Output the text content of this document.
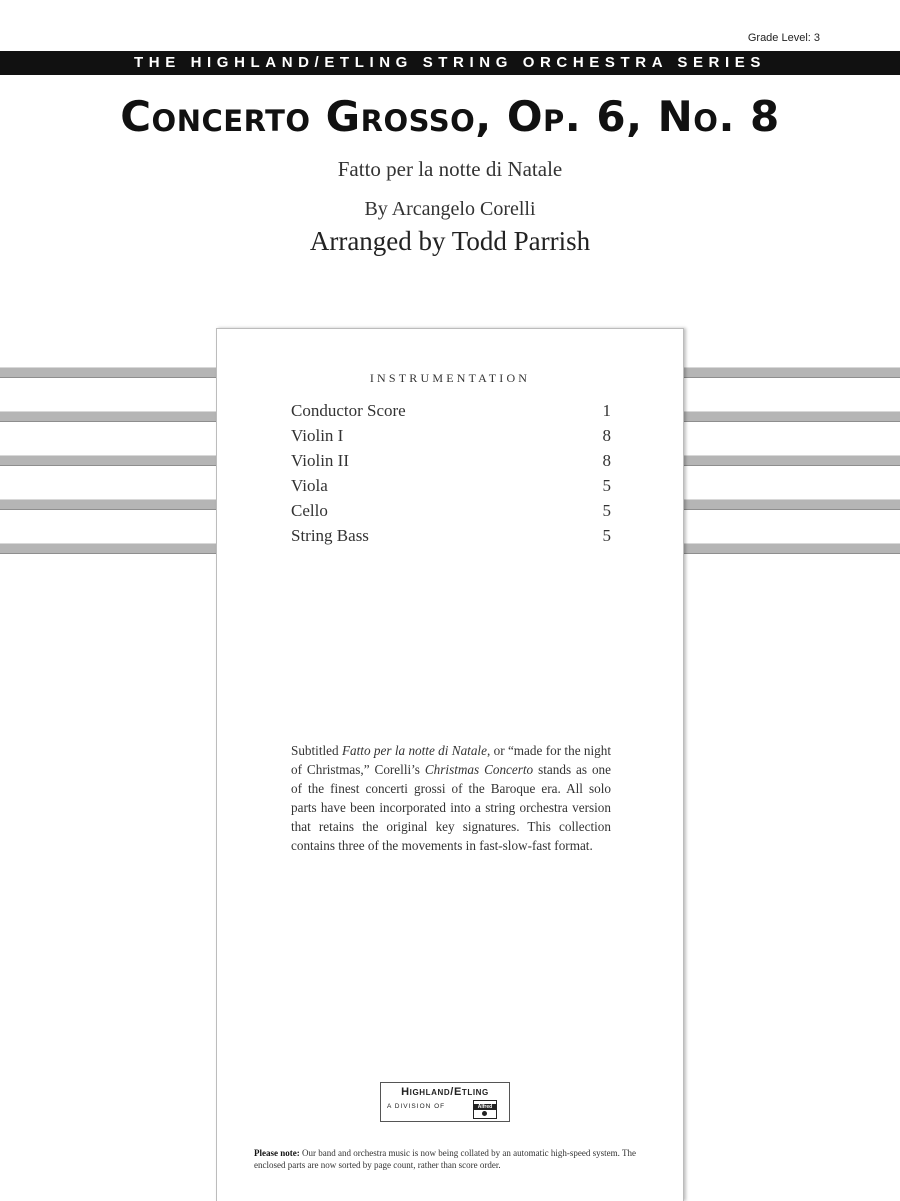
Grade Level: 3
THE HIGHLAND/ETLING STRING ORCHESTRA SERIES
Concerto Grosso, Op. 6, No. 8
Fatto per la notte di Natale
By Arcangelo Corelli
Arranged by Todd Parrish
INSTRUMENTATION
Conductor Score	1
Violin I	8
Violin II	8
Viola	5
Cello	5
String Bass	5

Subtitled Fatto per la notte di Natale, or “made for the night of Christmas,” Corelli’s Christmas Concerto stands as one of the finest concerti grossi of the Baroque era. All solo parts have been incorporated into a string orchestra version that retains the original key signatures. This collection contains three of the movements in fast-slow-fast format.

Highland/Etling
A DIVISION OF	Alfred

Please note: Our band and orchestra music is now being collated by an automatic high-speed system. The enclosed parts are now sorted by page count, rather than score order.
